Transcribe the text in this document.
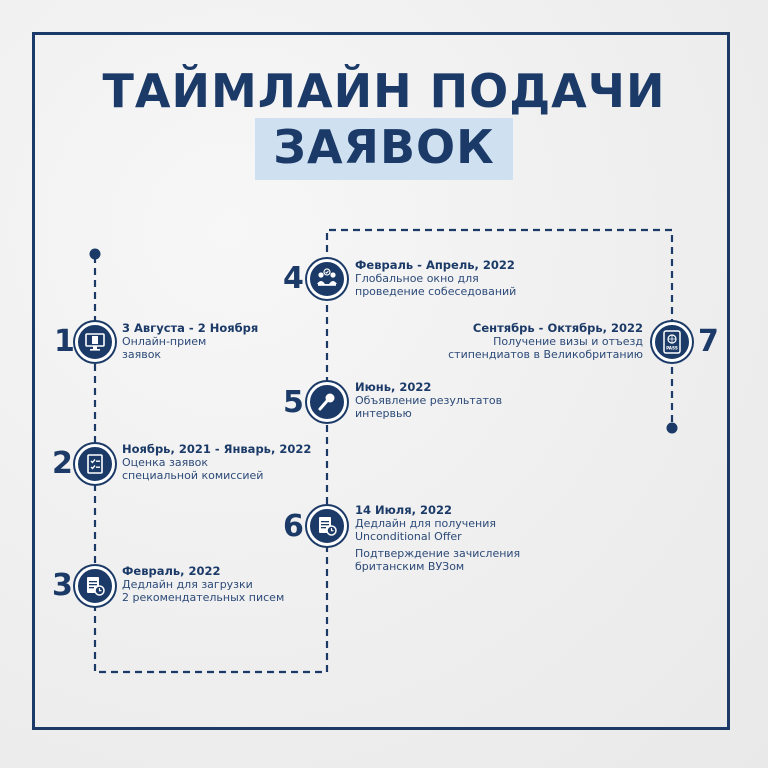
ТАЙМЛАЙН ПОДАЧИ
ЗАЯВОК
1	3 Августа - 2 Ноября
Онлайн-прием
заявок
2	Ноябрь, 2021 - Январь, 2022
Оценка заявок
специальной комиссией
3	Февраль, 2022
Дедлайн для загрузки
2 рекомендательных писем
4	Февраль - Апрель, 2022
Глобальное окно для
проведение собеседований
5	Июнь, 2022
Объявление результатов
интервью
6	14 Июля, 2022
Дедлайн для получения
Unconditional Offer
Подтверждение зачисления
британским ВУЗом
Сентябрь - Октябрь, 2022
Получение визы и отъезд
стипендиатов в Великобританию	PASS 7
